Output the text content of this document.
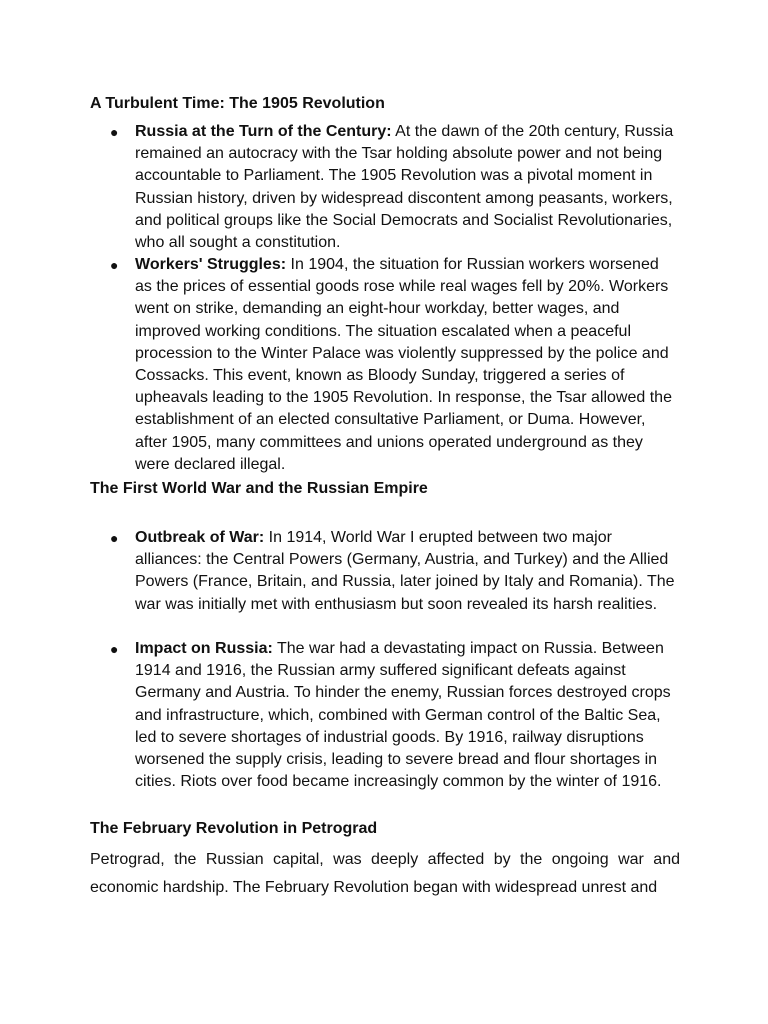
A Turbulent Time: The 1905 Revolution
● Russia at the Turn of the Century: At the dawn of the 20th century, Russia remained an autocracy with the Tsar holding absolute power and not being accountable to Parliament. The 1905 Revolution was a pivotal moment in Russian history, driven by widespread discontent among peasants, workers, and political groups like the Social Democrats and Socialist Revolutionaries, who all sought a constitution.
● Workers' Struggles: In 1904, the situation for Russian workers worsened as the prices of essential goods rose while real wages fell by 20%. Workers went on strike, demanding an eight-hour workday, better wages, and improved working conditions. The situation escalated when a peaceful procession to the Winter Palace was violently suppressed by the police and Cossacks. This event, known as Bloody Sunday, triggered a series of upheavals leading to the 1905 Revolution. In response, the Tsar allowed the establishment of an elected consultative Parliament, or Duma. However, after 1905, many committees and unions operated underground as they were declared illegal.
The First World War and the Russian Empire
● Outbreak of War: In 1914, World War I erupted between two major alliances: the Central Powers (Germany, Austria, and Turkey) and the Allied Powers (France, Britain, and Russia, later joined by Italy and Romania). The war was initially met with enthusiasm but soon revealed its harsh realities.
● Impact on Russia: The war had a devastating impact on Russia. Between 1914 and 1916, the Russian army suffered significant defeats against Germany and Austria. To hinder the enemy, Russian forces destroyed crops and infrastructure, which, combined with German control of the Baltic Sea, led to severe shortages of industrial goods. By 1916, railway disruptions worsened the supply crisis, leading to severe bread and flour shortages in cities. Riots over food became increasingly common by the winter of 1916.
The February Revolution in Petrograd

Petrograd, the Russian capital, was deeply affected by the ongoing war and economic hardship. The February Revolution began with widespread unrest and
